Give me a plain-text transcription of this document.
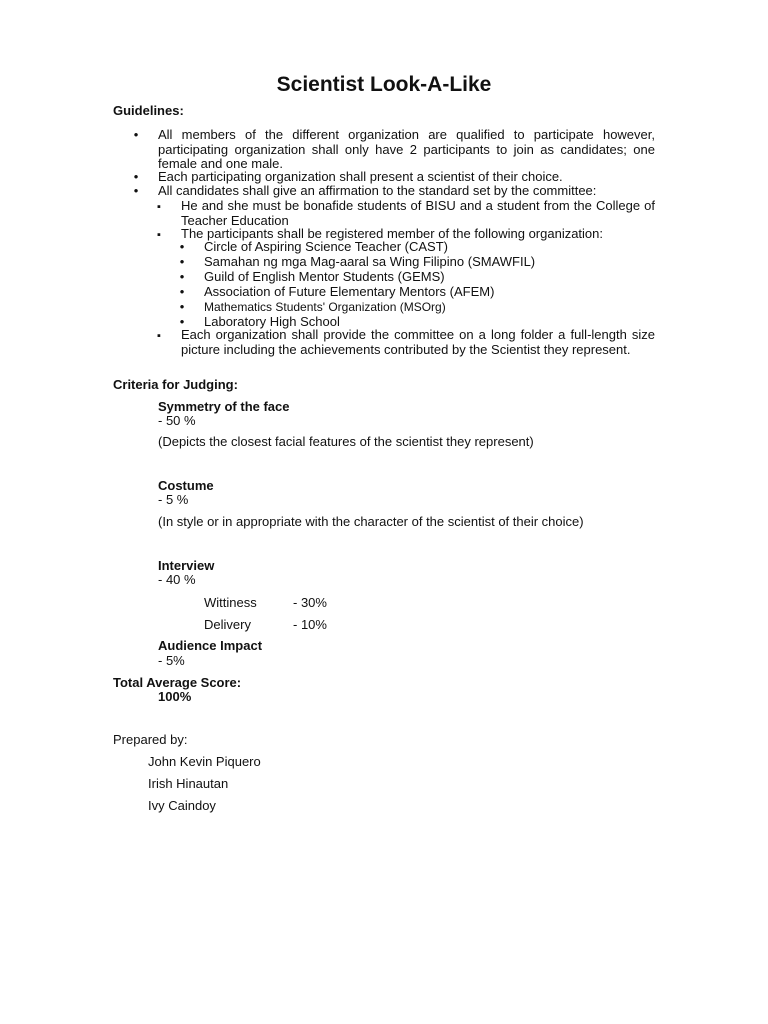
Scientist Look-A-Like
Guidelines:
•
All members of the different organization are qualified to participate however, participating organization shall only have 2 participants to join as candidates; one female and one male.
•
Each participating organization shall present a scientist of their choice.
•
All candidates shall give an affirmation to the standard set by the committee:
▪
He and she must be bonafide students of BISU and a student from the College of Teacher Education
▪
The participants shall be registered member of the following organization:
•
Circle of Aspiring Science Teacher (CAST)
•
Samahan ng mga Mag-aaral sa Wing Filipino (SMAWFIL)
•
Guild of English Mentor Students (GEMS)
•
Association of Future Elementary Mentors (AFEM)
•
Mathematics Students' Organization (MSOrg)
•
Laboratory High School
▪
Each organization shall provide the committee on a long folder a full-length size picture including the achievements contributed by the Scientist they represent.
Criteria for Judging:
Symmetry of the face
- 50 %
(Depicts the closest facial features of the scientist they represent)
Costume
- 5 %
(In style or in appropriate with the character of the scientist of their choice)
Interview
- 40 %
Wittiness	- 30%
Delivery	- 10%
Audience Impact
- 5%
Total Average Score:
100%
Prepared by:
John Kevin Piquero
Irish Hinautan
Ivy Caindoy
